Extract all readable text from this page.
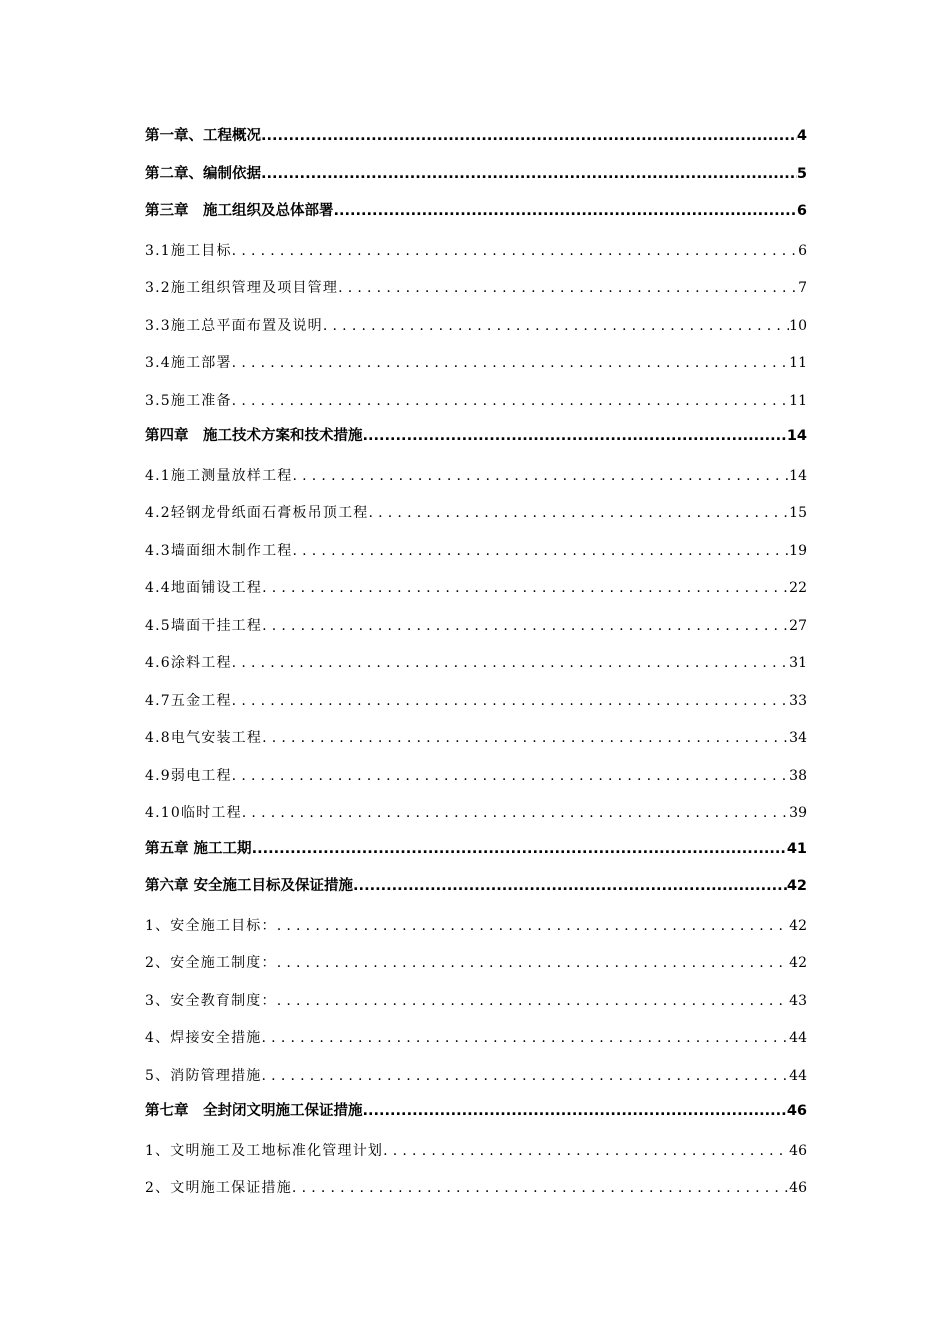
第一章、工程概况 .....	4
第二章、编制依据 .....	5
第三章　施工组织及总体部署 .....	6
3.1施工目标 .....	6
3.2施工组织管理及项目管理 .....	7
3.3施工总平面布置及说明 .....	10
3.4施工部署 .....	11
3.5施工准备 .....	11
第四章　施工技术方案和技术措施 .....	14
4.1施工测量放样工程 .....	14
4.2轻钢龙骨纸面石膏板吊顶工程 .....	15
4.3墙面细木制作工程 .....	19
4.4地面铺设工程 .....	22
4.5墙面干挂工程 .....	27
4.6涂料工程 .....	31
4.7五金工程 .....	33
4.8电气安装工程 .....	34
4.9弱电工程 .....	38
4.10临时工程 .....	39
第五章 施工工期 .....	41
第六章 安全施工目标及保证措施 .....	42
1、安全施工目标： .....	42
2、安全施工制度： .....	42
3、安全教育制度： .....	43
4、焊接安全措施 .....	44
5、消防管理措施 .....	44
第七章　全封闭文明施工保证措施 .....	46
1、文明施工及工地标准化管理计划 .....	46
2、文明施工保证措施 .....	46
